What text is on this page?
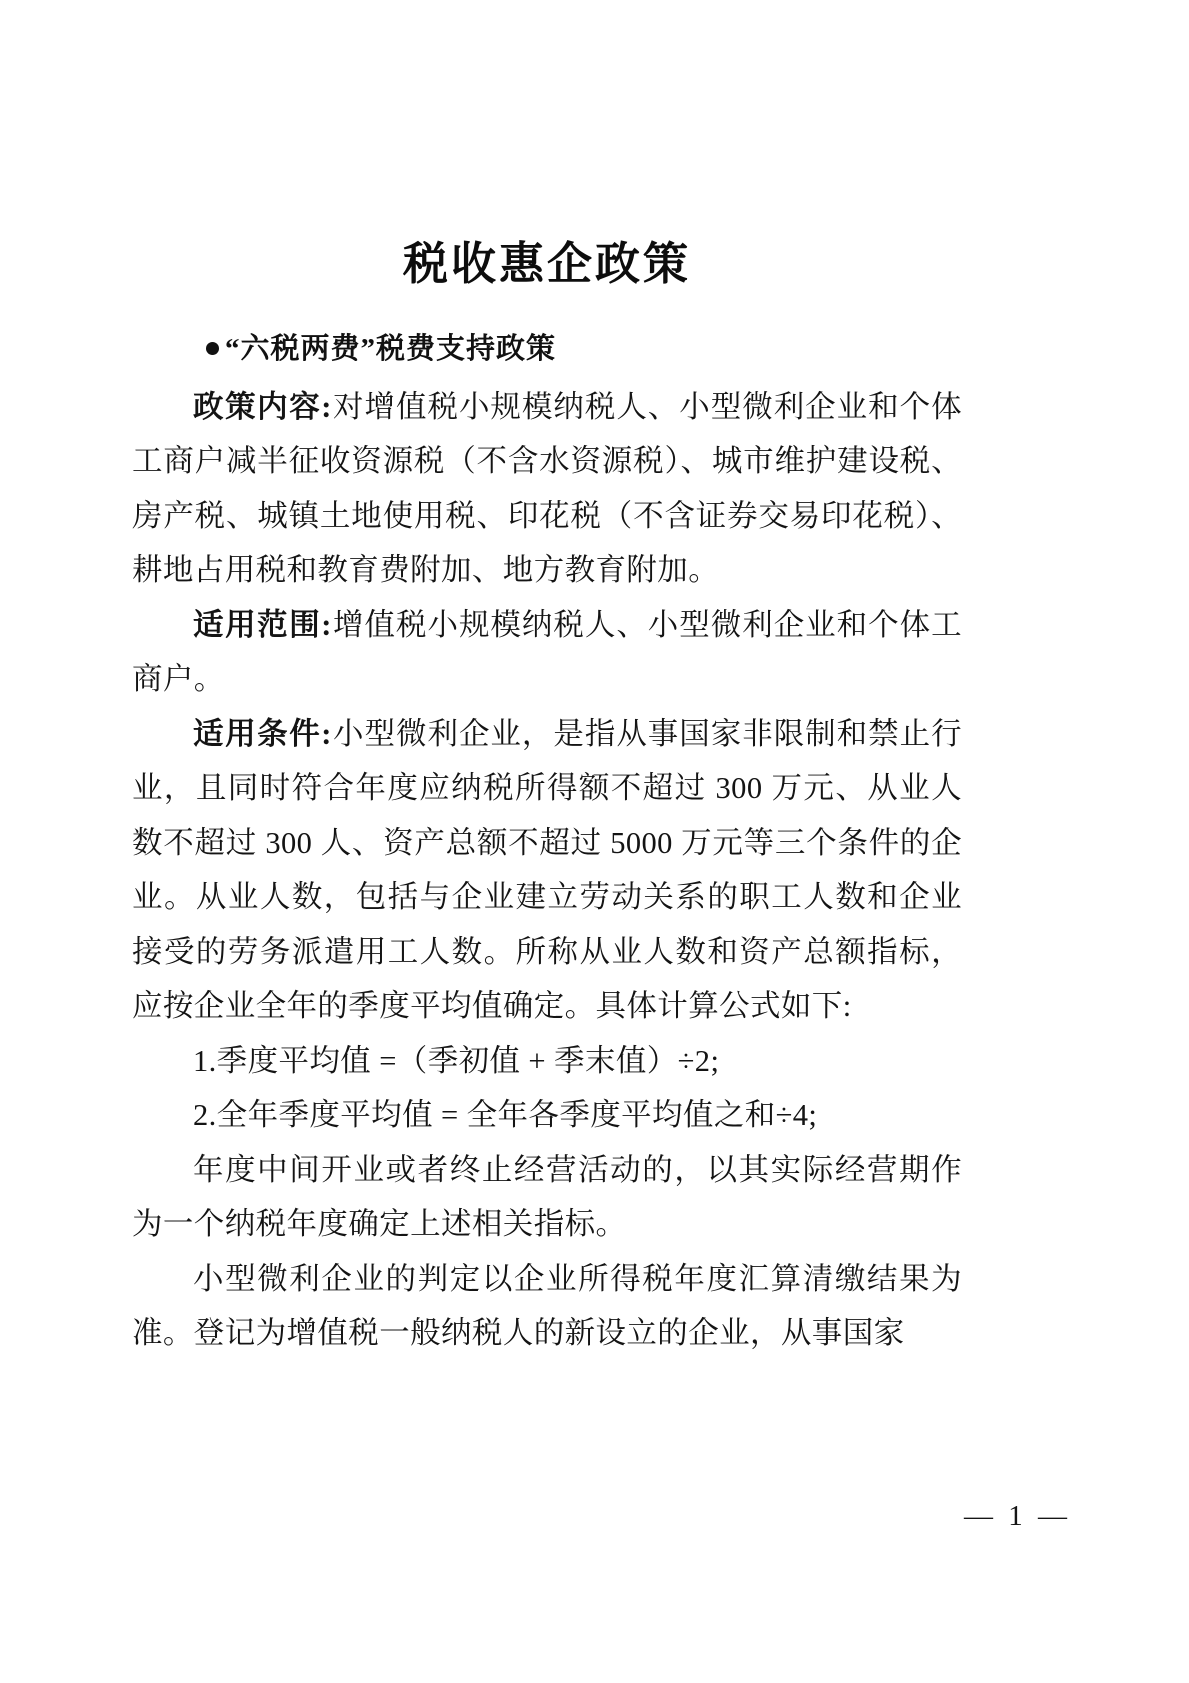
税收惠企政策
“六税两费”税费支持政策

政策内容:对增值税小规模纳税人、小型微利企业和个体工商户减半征收资源税（不含水资源税）、城市维护建设税、房产税、城镇土地使用税、印花税（不含证券交易印花税）、耕地占用税和教育费附加、地方教育附加。

适用范围:增值税小规模纳税人、小型微利企业和个体工商户。

适用条件:小型微利企业，是指从事国家非限制和禁止行业，且同时符合年度应纳税所得额不超过 300 万元、从业人数不超过 300 人、资产总额不超过 5000 万元等三个条件的企业。从业人数，包括与企业建立劳动关系的职工人数和企业接受的劳务派遣用工人数。所称从业人数和资产总额指标，应按企业全年的季度平均值确定。具体计算公式如下:

1.季度平均值 =（季初值 + 季末值）÷2;

2.全年季度平均值 = 全年各季度平均值之和÷4;

年度中间开业或者终止经营活动的，以其实际经营期作为一个纳税年度确定上述相关指标。

小型微利企业的判定以企业所得税年度汇算清缴结果为准。登记为增值税一般纳税人的新设立的企业，从事国家

— 1 —
